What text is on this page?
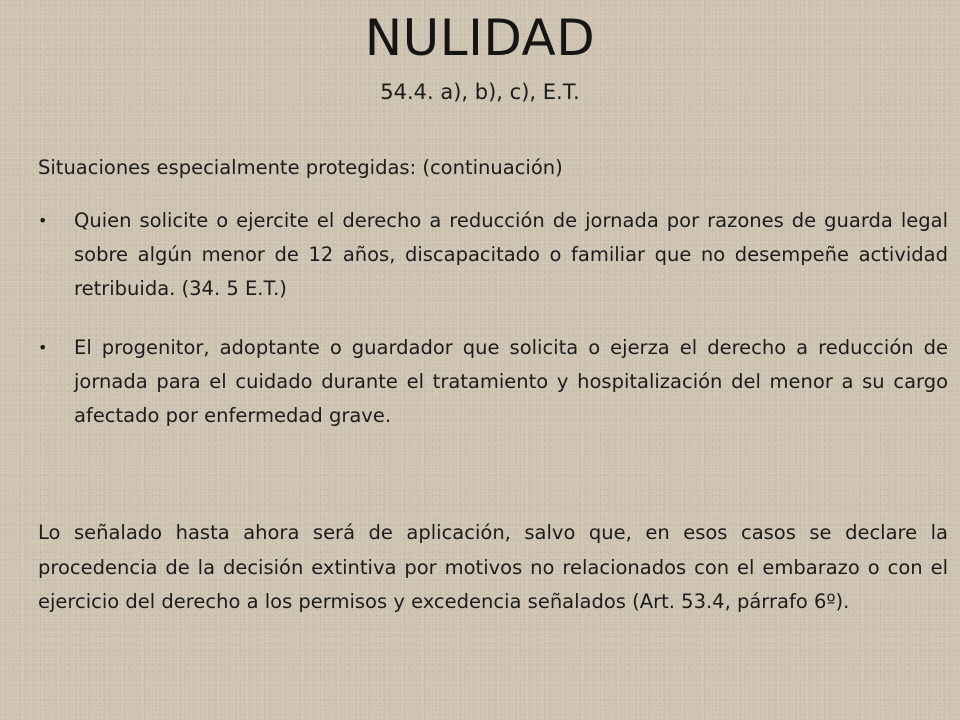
NULIDAD
54.4. a), b), c), E.T.
Situaciones especialmente protegidas: (continuación)
• Quien solicite o ejercite el derecho a reducción de jornada por razones de guarda legal sobre algún menor de 12 años, discapacitado o familiar que no desempeñe actividad retribuida. (34. 5 E.T.)
• El progenitor, adoptante o guardador que solicita o ejerza el derecho a reducción de jornada para el cuidado durante el tratamiento y hospitalización del menor a su cargo afectado por enfermedad grave.
Lo señalado hasta ahora será de aplicación, salvo que, en esos casos se declare la procedencia de la decisión extintiva por motivos no relacionados con el embarazo o con el ejercicio del derecho a los permisos y excedencia señalados (Art. 53.4, párrafo 6º).
